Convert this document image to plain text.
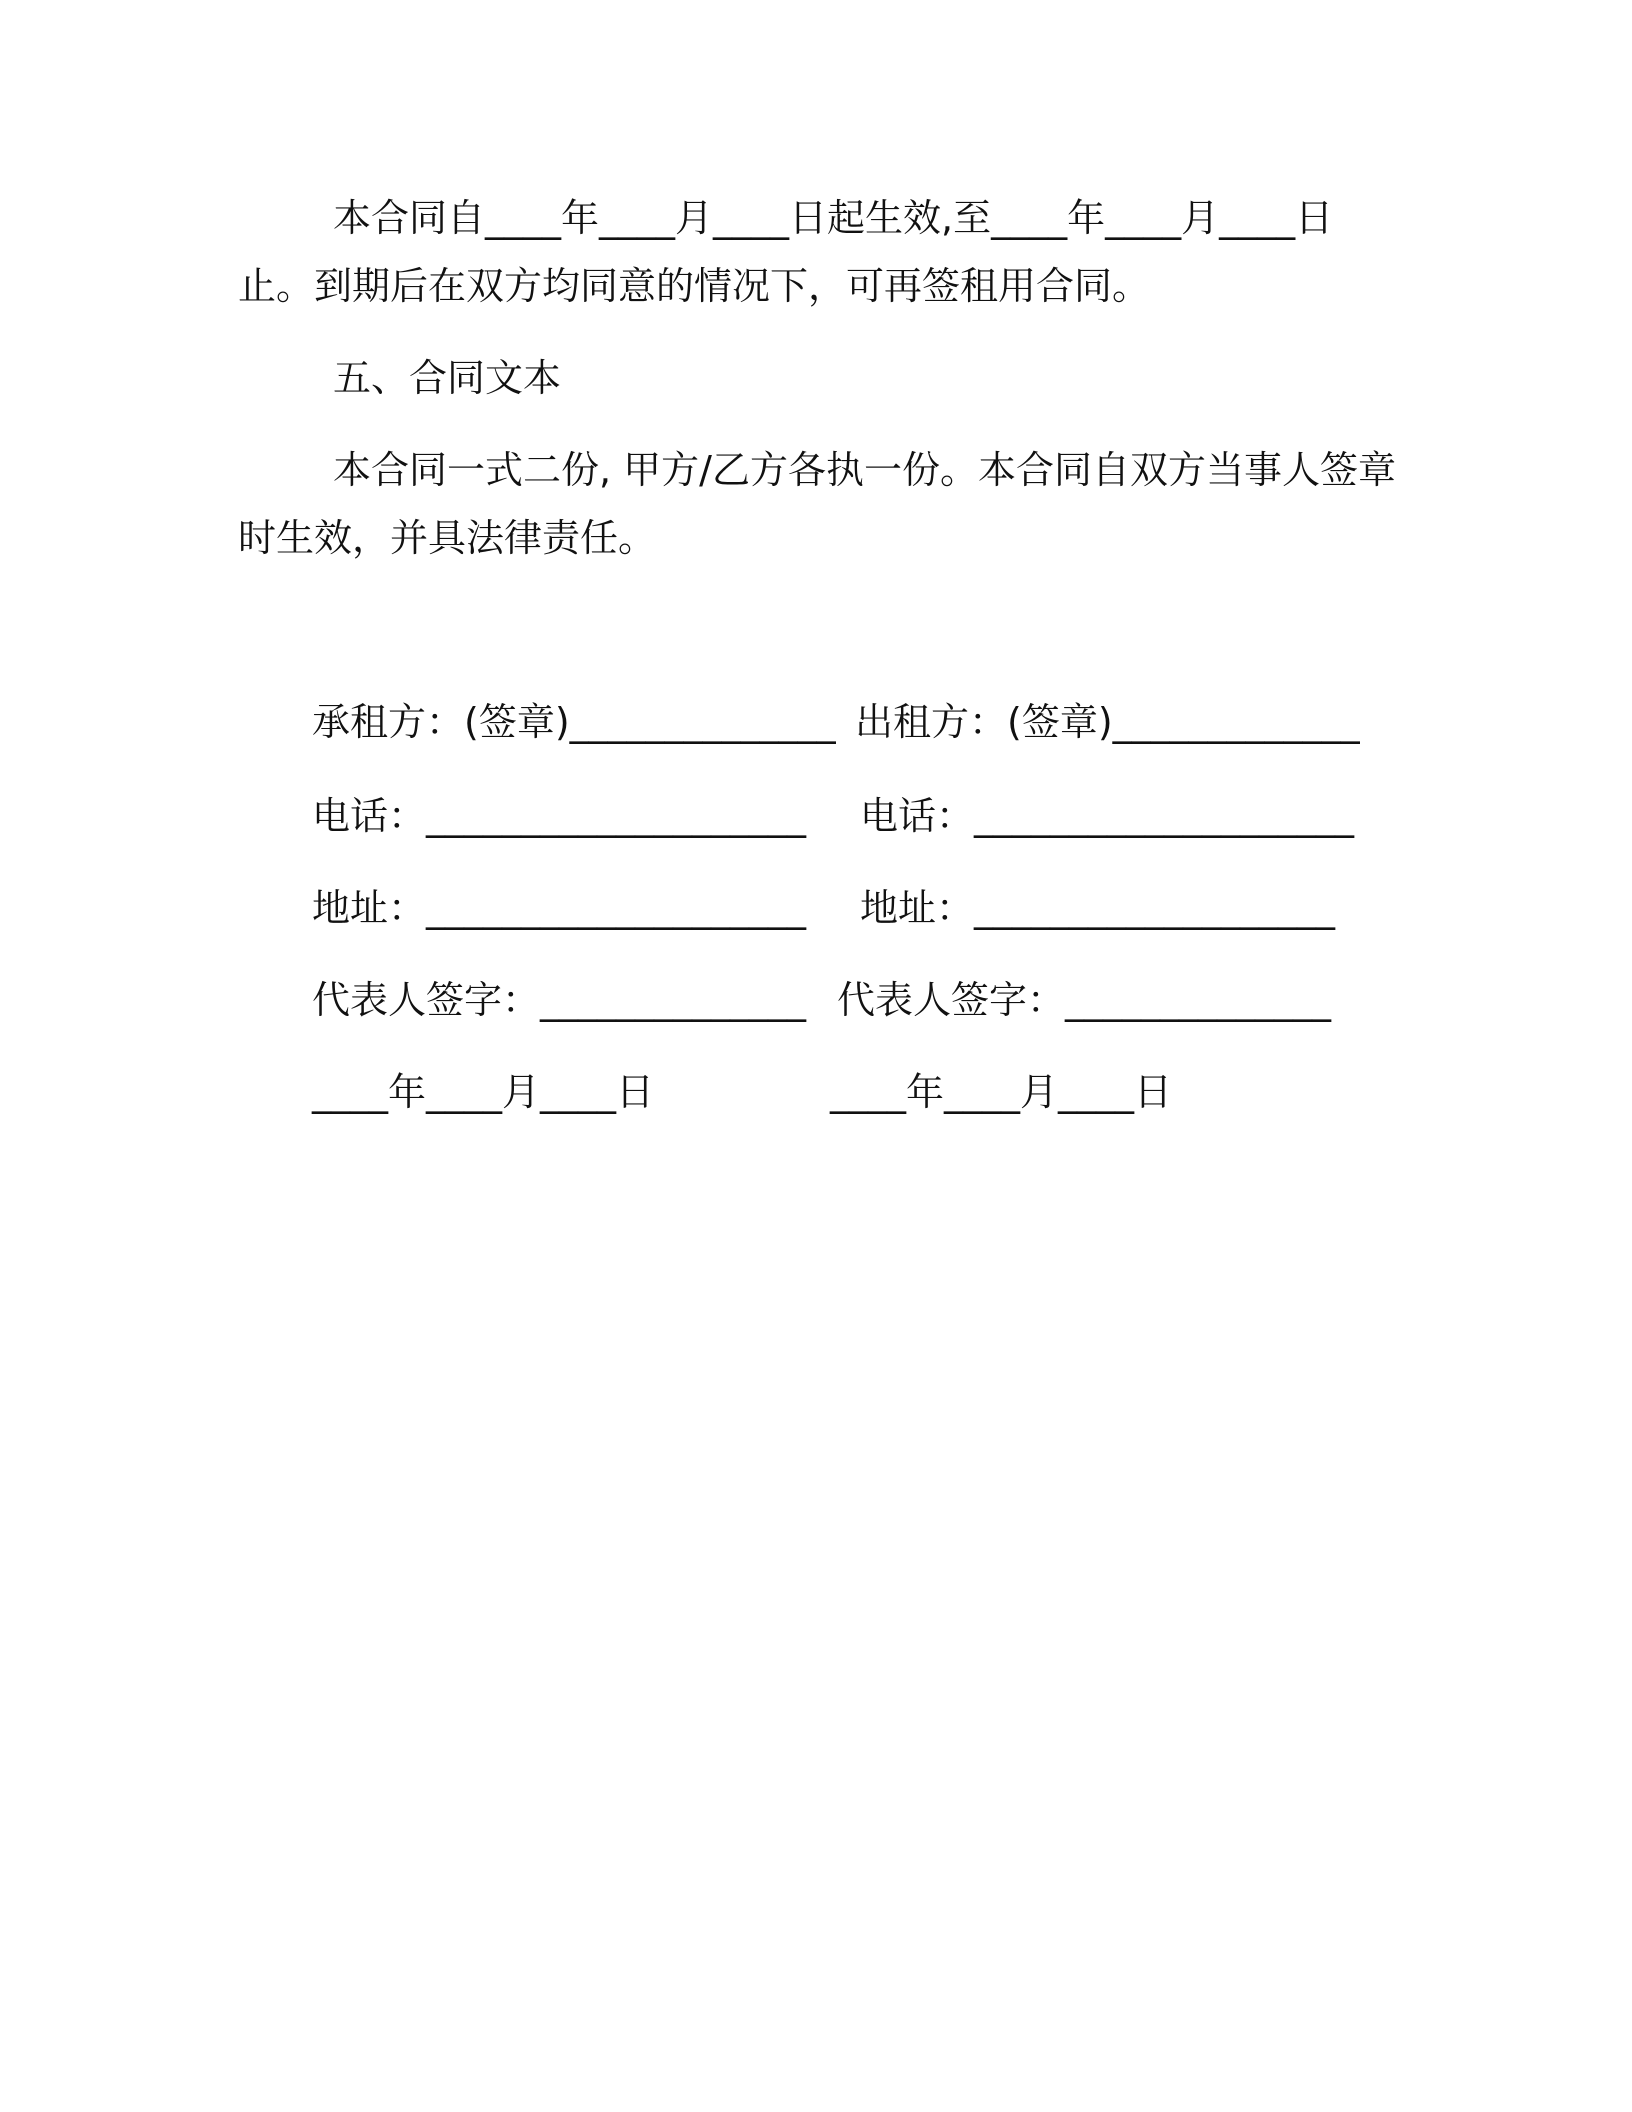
本合同自____年____月____日起生效,至____年____月____日
止。到期后在双方均同意的情况下，可再签租用合同。
五、合同文本
本合同一式二份, 甲方/乙方各执一份。本合同自双方当事人签章
时生效，并具法律责任。
承租方：(签章)______________
电话：____________________
地址：____________________
代表人签字：______________
____年____月____日
出租方：(签章)_____________
电话：____________________
地址：___________________
代表人签字：______________
____年____月____日
